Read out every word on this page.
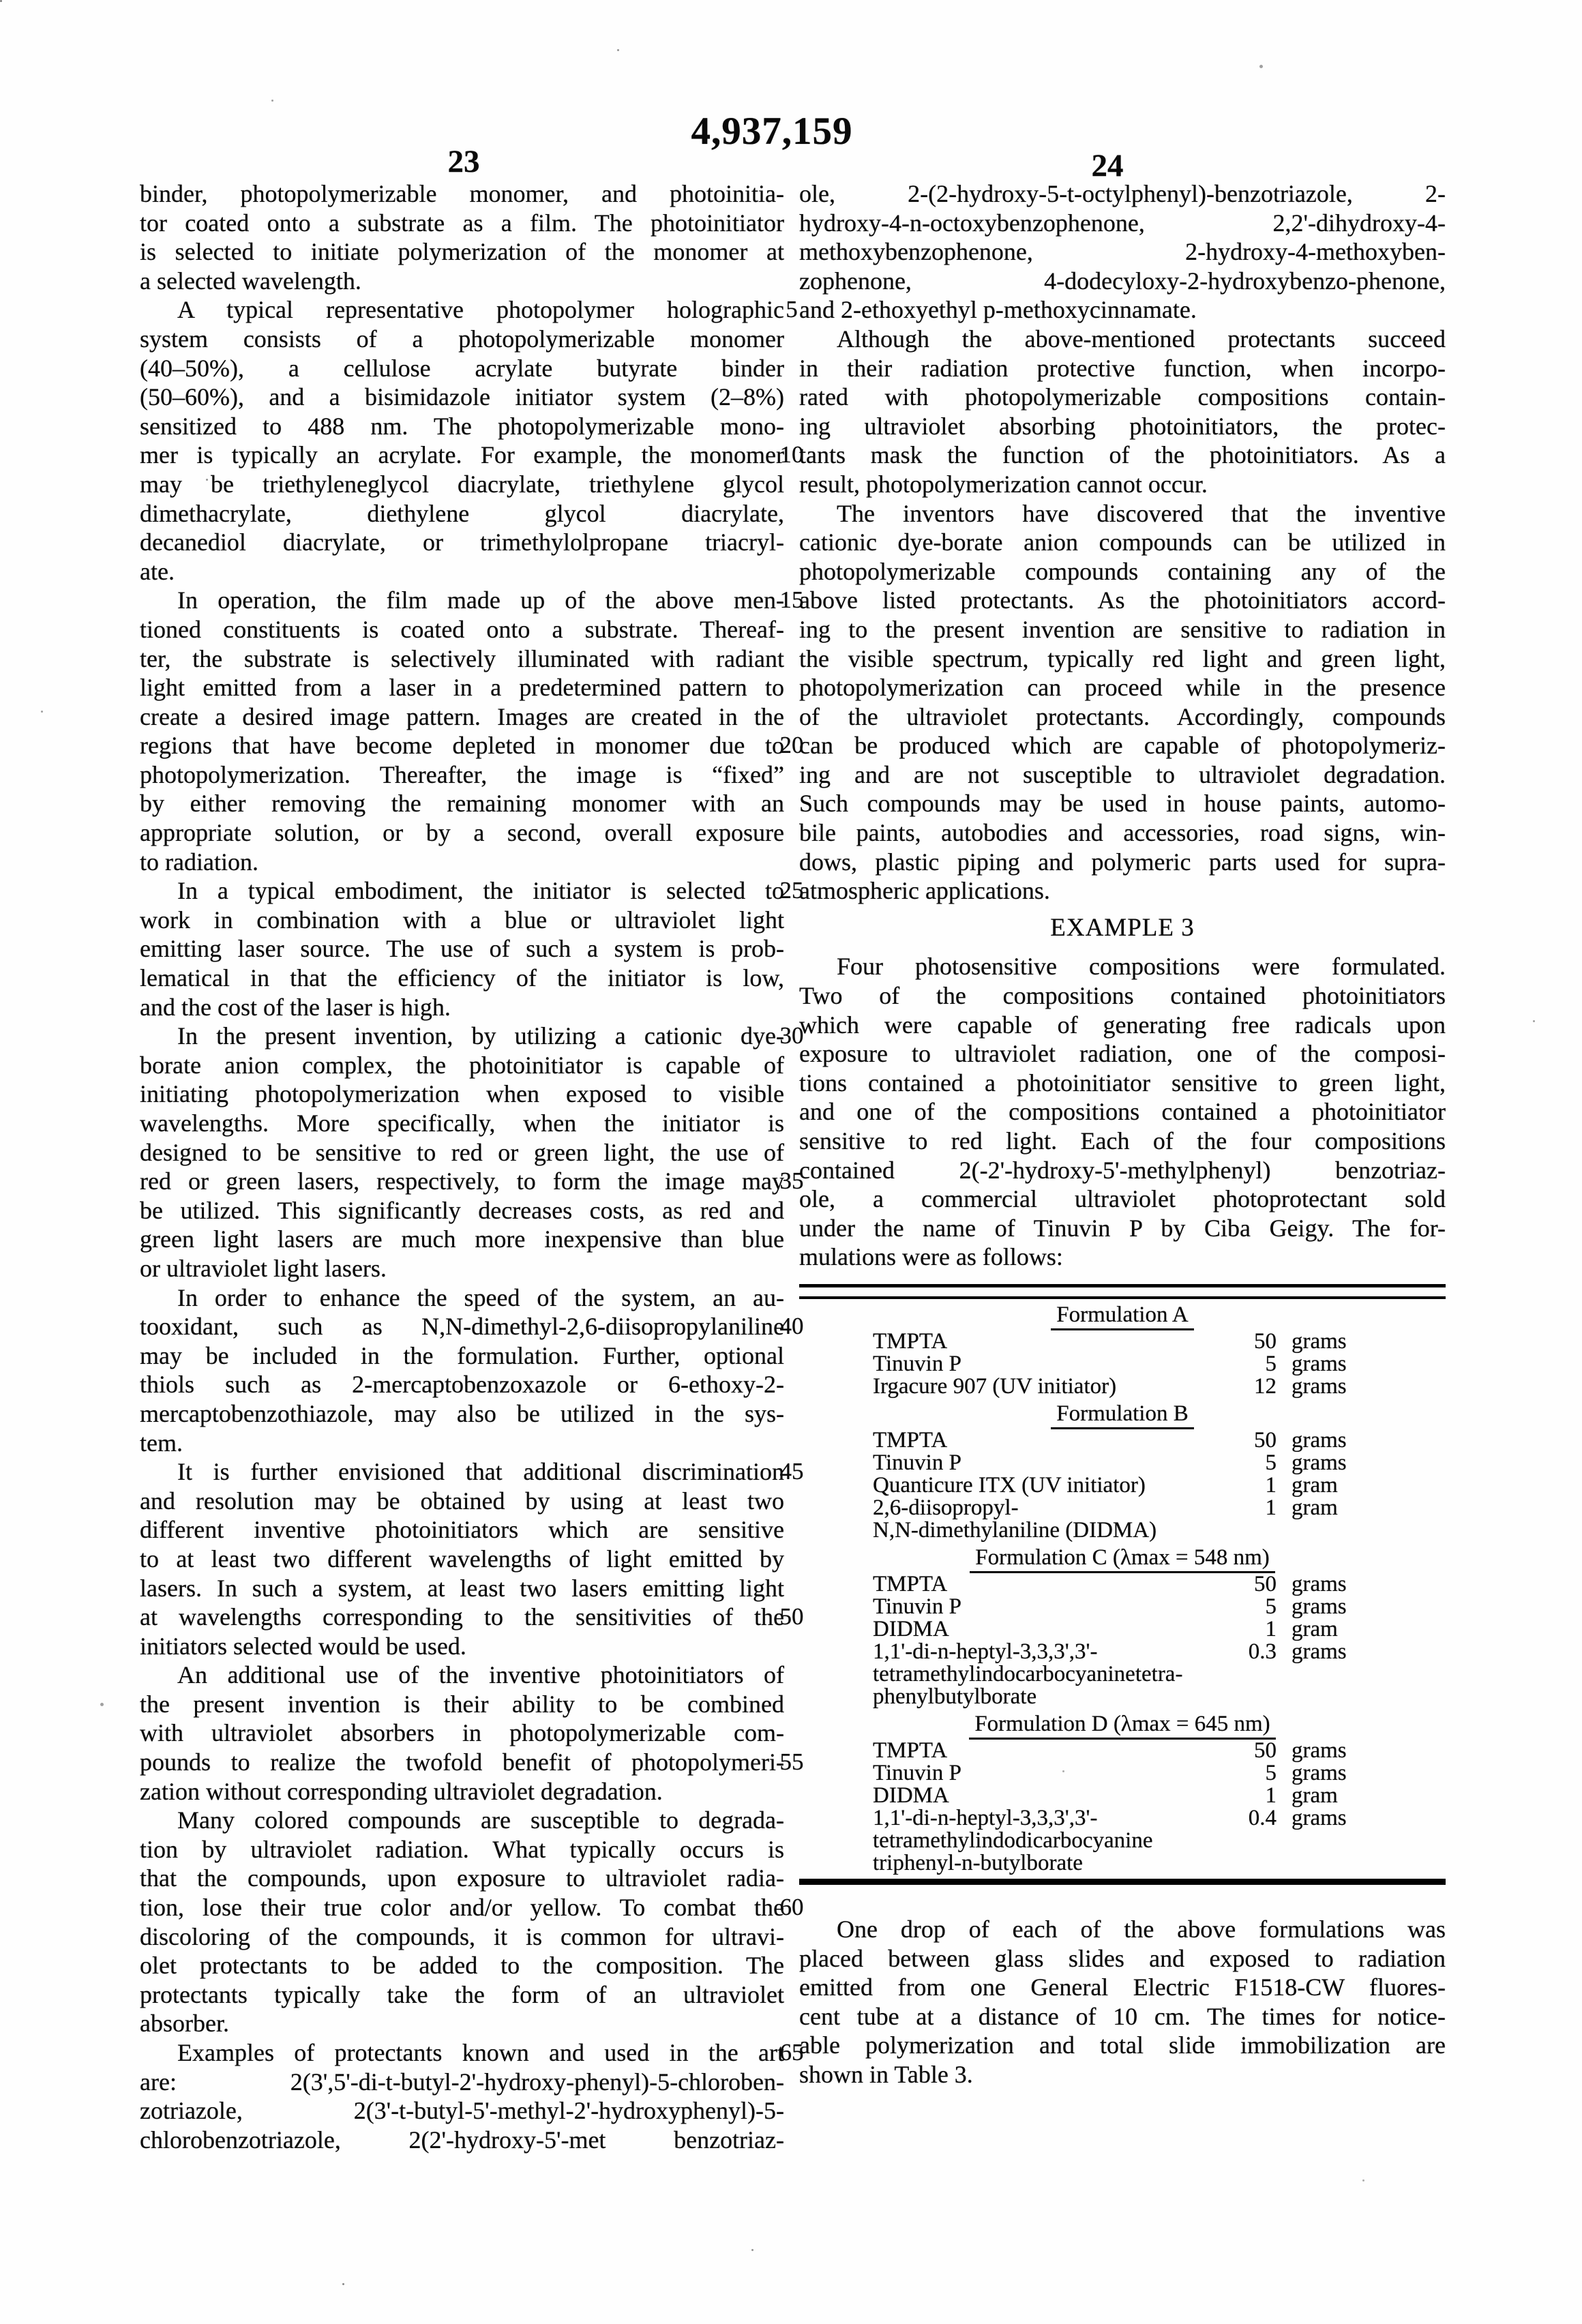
4,937,159
23	24
binder, photopolymerizable monomer, and photoinitia-
tor coated onto a substrate as a film. The photoinitiator
is selected to initiate polymerization of the monomer at
a selected wavelength.
A typical representative photopolymer holographic
system consists of a photopolymerizable monomer
(40–50%), a cellulose acrylate butyrate binder
(50–60%), and a bisimidazole initiator system (2–8%)
sensitized to 488 nm. The photopolymerizable mono-
mer is typically an acrylate. For example, the monomer
may be triethyleneglycol diacrylate, triethylene glycol
dimethacrylate, diethylene glycol diacrylate,
decanediol diacrylate, or trimethylolpropane triacryl-
ate.
In operation, the film made up of the above men-
tioned constituents is coated onto a substrate. Thereaf-
ter, the substrate is selectively illuminated with radiant
light emitted from a laser in a predetermined pattern to
create a desired image pattern. Images are created in the
regions that have become depleted in monomer due to
photopolymerization. Thereafter, the image is “fixed”
by either removing the remaining monomer with an
appropriate solution, or by a second, overall exposure
to radiation.
In a typical embodiment, the initiator is selected to
work in combination with a blue or ultraviolet light
emitting laser source. The use of such a system is prob-
lematical in that the efficiency of the initiator is low,
and the cost of the laser is high.
In the present invention, by utilizing a cationic dye-
borate anion complex, the photoinitiator is capable of
initiating photopolymerization when exposed to visible
wavelengths. More specifically, when the initiator is
designed to be sensitive to red or green light, the use of
red or green lasers, respectively, to form the image may
be utilized. This significantly decreases costs, as red and
green light lasers are much more inexpensive than blue
or ultraviolet light lasers.
In order to enhance the speed of the system, an au-
tooxidant, such as N,N-dimethyl-2,6-diisopropylaniline
may be included in the formulation. Further, optional
thiols such as 2-mercaptobenzoxazole or 6-ethoxy-2-
mercaptobenzothiazole, may also be utilized in the sys-
tem.
It is further envisioned that additional discrimination
and resolution may be obtained by using at least two
different inventive photoinitiators which are sensitive
to at least two different wavelengths of light emitted by
lasers. In such a system, at least two lasers emitting light
at wavelengths corresponding to the sensitivities of the
initiators selected would be used.
An additional use of the inventive photoinitiators of
the present invention is their ability to be combined
with ultraviolet absorbers in photopolymerizable com-
pounds to realize the twofold benefit of photopolymeri-
zation without corresponding ultraviolet degradation.
Many colored compounds are susceptible to degrada-
tion by ultraviolet radiation. What typically occurs is
that the compounds, upon exposure to ultraviolet radia-
tion, lose their true color and/or yellow. To combat the
discoloring of the compounds, it is common for ultravi-
olet protectants to be added to the composition. The
protectants typically take the form of an ultraviolet
absorber.
Examples of protectants known and used in the art
are: 2(3',5'-di-t-butyl-2'-hydroxy-phenyl)-5-chloroben-
zotriazole, 2(3'-t-butyl-5'-methyl-2'-hydroxyphenyl)-5-
chlorobenzotriazole, 2(2'-hydroxy-5'-met benzotriaz-
ole, 2-(2-hydroxy-5-t-octylphenyl)-benzotriazole, 2-
hydroxy-4-n-octoxybenzophenone, 2,2'-dihydroxy-4-
methoxybenzophenone, 2-hydroxy-4-methoxyben-
zophenone, 4-dodecyloxy-2-hydroxybenzo-phenone,
and 2-ethoxyethyl p-methoxycinnamate.
Although the above-mentioned protectants succeed
in their radiation protective function, when incorpo-
rated with photopolymerizable compositions contain-
ing ultraviolet absorbing photoinitiators, the protec-
tants mask the function of the photoinitiators. As a
result, photopolymerization cannot occur.
The inventors have discovered that the inventive
cationic dye-borate anion compounds can be utilized in
photopolymerizable compounds containing any of the
above listed protectants. As the photoinitiators accord-
ing to the present invention are sensitive to radiation in
the visible spectrum, typically red light and green light,
photopolymerization can proceed while in the presence
of the ultraviolet protectants. Accordingly, compounds
can be produced which are capable of photopolymeriz-
ing and are not susceptible to ultraviolet degradation.
Such compounds may be used in house paints, automo-
bile paints, autobodies and accessories, road signs, win-
dows, plastic piping and polymeric parts used for supra-
atmospheric applications.
EXAMPLE 3
Four photosensitive compositions were formulated.
Two of the compositions contained photoinitiators
which were capable of generating free radicals upon
exposure to ultraviolet radiation, one of the composi-
tions contained a photoinitiator sensitive to green light,
and one of the compositions contained a photoinitiator
sensitive to red light. Each of the four compositions
contained 2(-2'-hydroxy-5'-methylphenyl) benzotriaz-
ole, a commercial ultraviolet photoprotectant sold
under the name of Tinuvin P by Ciba Geigy. The for-
mulations were as follows:
Formulation A
TMPTA	50 grams
Tinuvin P	5 grams
Irgacure 907 (UV initiator)	12 grams
Formulation B
TMPTA	50 grams
Tinuvin P	5 grams
Quanticure ITX (UV initiator)	1 gram
2,6-diisopropyl-	1 gram
N,N-dimethylaniline (DIDMA)
Formulation C (λmax = 548 nm)
TMPTA	50 grams
Tinuvin P	5 grams
DIDMA	1 gram
1,1'-di-n-heptyl-3,3,3',3'-	0.3 grams
tetramethylindocarbocyaninetetra-
phenylbutylborate
Formulation D (λmax = 645 nm)
TMPTA	50 grams
Tinuvin P	5 grams
DIDMA	1 gram
1,1'-di-n-heptyl-3,3,3',3'-	0.4 grams
tetramethylindodicarbocyanine
triphenyl-n-butylborate
One drop of each of the above formulations was
placed between glass slides and exposed to radiation
emitted from one General Electric F1518-CW fluores-
cent tube at a distance of 10 cm. The times for notice-
able polymerization and total slide immobilization are
shown in Table 3.
5
10
15
20
25
30
35
40
45
50
55
60
65
